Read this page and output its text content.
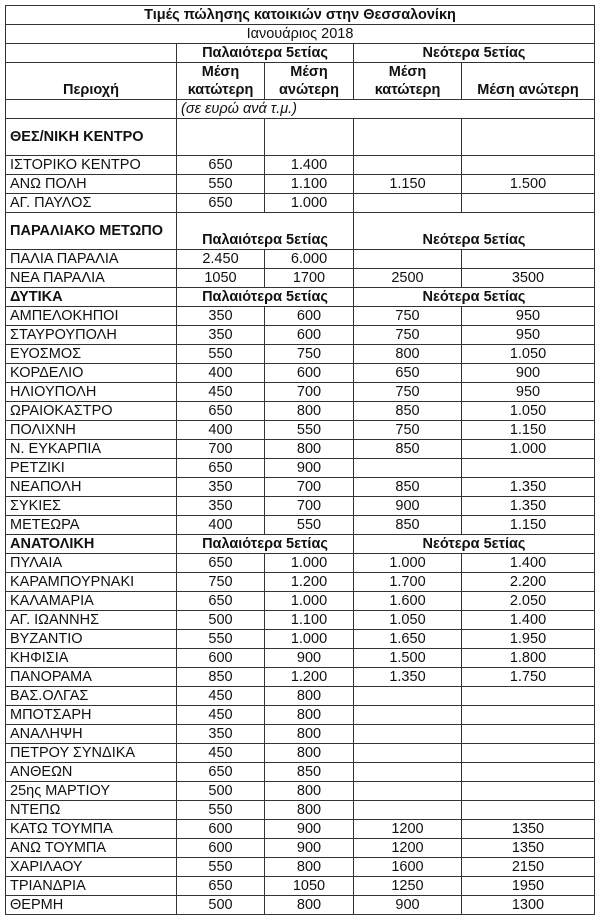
Τιμές πώλησης κατοικιών στην Θεσσαλονίκη				
Ιανουάριος 2018				
	Παλαιότερα 5ετίας		Νεότερα 5ετίας	
Περιοχή	Μέση κατώτερη	Μέση ανώτερη	Μέση κατώτερη	Μέση ανώτερη
	(σε ευρώ ανά τ.μ.)			
ΘΕΣ/ΝΙΚΗ ΚΕΝΤΡΟ				
ΙΣΤΟΡΙΚΟ ΚΕΝΤΡΟ	650	1.400		
ΑΝΩ ΠΟΛΗ	550	1.100	1.150	1.500
ΑΓ. ΠΑΥΛΟΣ	650	1.000		
ΠΑΡΑΛΙΑΚΟ ΜΕΤΩΠΟ	Παλαιότερα 5ετίας		Νεότερα 5ετίας	
ΠΑΛΙΑ ΠΑΡΑΛΙΑ	2.450	6.000		
ΝΕΑ ΠΑΡΑΛΙΑ	1050	1700	2500	3500
ΔΥΤΙΚΑ	Παλαιότερα 5ετίας		Νεότερα 5ετίας	
ΑΜΠΕΛΟΚΗΠΟΙ	350	600	750	950
ΣΤΑΥΡΟΥΠΟΛΗ	350	600	750	950
ΕΥΟΣΜΟΣ	550	750	800	1.050
ΚΟΡΔΕΛΙΟ	400	600	650	900
ΗΛΙΟΥΠΟΛΗ	450	700	750	950
ΩΡΑΙΟΚΑΣΤΡΟ	650	800	850	1.050
ΠΟΛΙΧΝΗ	400	550	750	1.150
Ν. ΕΥΚΑΡΠΙΑ	700	800	850	1.000
ΡΕΤΖΙΚΙ	650	900		
ΝΕΑΠΟΛΗ	350	700	850	1.350
ΣΥΚΙΕΣ	350	700	900	1.350
ΜΕΤΕΩΡΑ	400	550	850	1.150
ΑΝΑΤΟΛΙΚΗ	Παλαιότερα 5ετίας		Νεότερα 5ετίας	
ΠΥΛΑΙΑ	650	1.000	1.000	1.400
ΚΑΡΑΜΠΟΥΡΝΑΚΙ	750	1.200	1.700	2.200
ΚΑΛΑΜΑΡΙΑ	650	1.000	1.600	2.050
ΑΓ. ΙΩΑΝΝΗΣ	500	1.100	1.050	1.400
ΒΥΖΑΝΤΙΟ	550	1.000	1.650	1.950
ΚΗΦΙΣΙΑ	600	900	1.500	1.800
ΠΑΝΟΡΑΜΑ	850	1.200	1.350	1.750
ΒΑΣ.ΟΛΓΑΣ	450	800		
ΜΠΟΤΣΑΡΗ	450	800		
ΑΝΑΛΗΨΗ	350	800		
ΠΕΤΡΟΥ ΣΥΝΔΙΚΑ	450	800		
ΑΝΘΕΩΝ	650	850		
25ης ΜΑΡΤΙΟΥ	500	800		
ΝΤΕΠΩ	550	800		
ΚΑΤΩ ΤΟΥΜΠΑ	600	900	1200	1350
ΑΝΩ ΤΟΥΜΠΑ	600	900	1200	1350
ΧΑΡΙΛΑΟΥ	550	800	1600	2150
ΤΡΙΑΝΔΡΙΑ	650	1050	1250	1950
ΘΕΡΜΗ	500	800	900	1300
